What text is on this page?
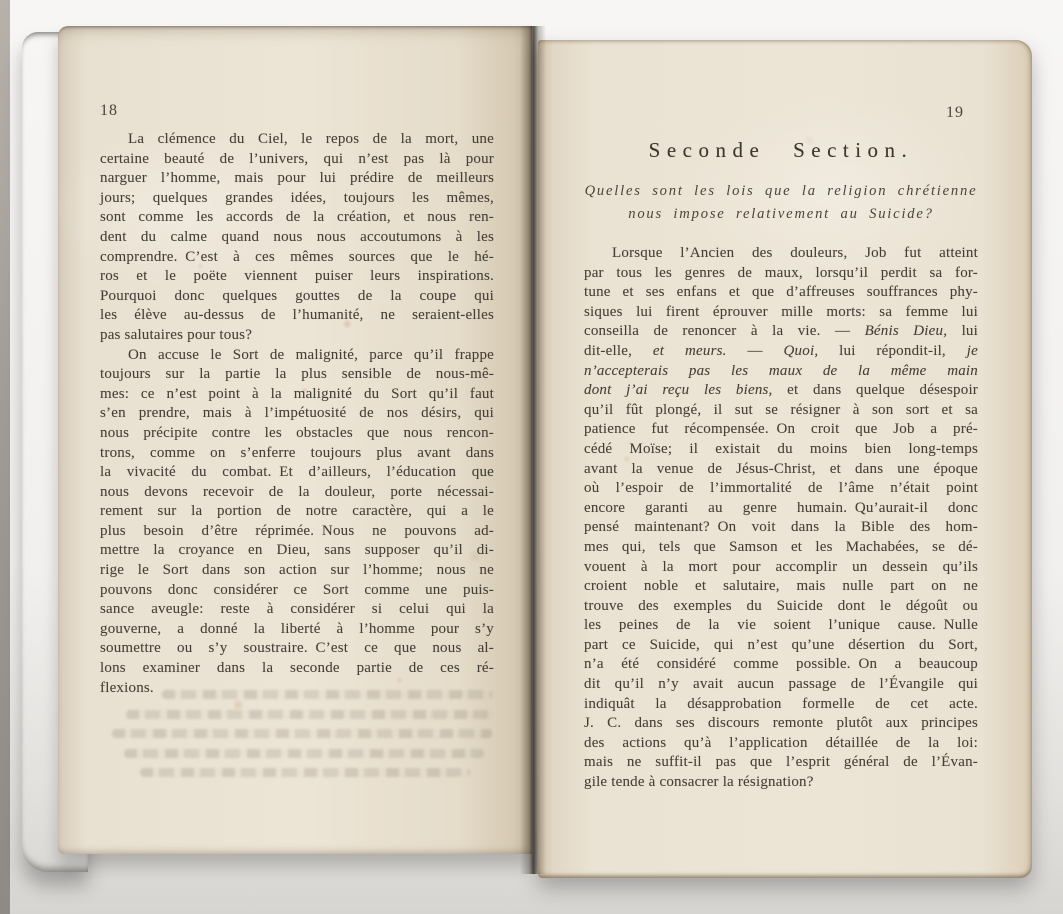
18
La clémence du Ciel, le repos de la mort, une
certaine beauté de l’univers, qui n’est pas là pour
narguer l’homme, mais pour lui prédire de meilleurs
jours; quelques grandes idées, toujours les mêmes,
sont comme les accords de la création, et nous ren-
dent du calme quand nous nous accoutumons à les
comprendre. C’est à ces mêmes sources que le hé-
ros et le poëte viennent puiser leurs inspirations.
Pourquoi donc quelques gouttes de la coupe qui
les élève au-dessus de l’humanité, ne seraient-elles
pas salutaires pour tous?
On accuse le Sort de malignité, parce qu’il frappe
toujours sur la partie la plus sensible de nous-mê-
mes: ce n’est point à la malignité du Sort qu’il faut
s’en prendre, mais à l’impétuosité de nos désirs, qui
nous précipite contre les obstacles que nous rencon-
trons, comme on s’enferre toujours plus avant dans
la vivacité du combat. Et d’ailleurs, l’éducation que
nous devons recevoir de la douleur, porte nécessai-
rement sur la portion de notre caractère, qui a le
plus besoin d’être réprimée. Nous ne pouvons ad-
mettre la croyance en Dieu, sans supposer qu’il di-
rige le Sort dans son action sur l’homme; nous ne
pouvons donc considérer ce Sort comme une puis-
sance aveugle: reste à considérer si celui qui la
gouverne, a donné la liberté à l’homme pour s’y
soumettre ou s’y soustraire. C’est ce que nous al-
lons examiner dans la seconde partie de ces ré-
flexions.
19
Seconde Section.
Quelles sont les lois que la religion chrétienne
nous impose relativement au Suicide?
Lorsque l’Ancien des douleurs, Job fut atteint
par tous les genres de maux, lorsqu’il perdit sa for-
tune et ses enfans et que d’affreuses souffrances phy-
siques lui firent éprouver mille morts: sa femme lui
conseilla de renoncer à la vie. — Bénis Dieu, lui
dit-elle, et meurs. — Quoi, lui répondit-il, je
n’accepterais pas les maux de la même main
dont j’ai reçu les biens, et dans quelque désespoir
qu’il fût plongé, il sut se résigner à son sort et sa
patience fut récompensée. On croit que Job a pré-
cédé Moïse; il existait du moins bien long-temps
avant la venue de Jésus-Christ, et dans une époque
où l’espoir de l’immortalité de l’âme n’était point
encore garanti au genre humain. Qu’aurait-il donc
pensé maintenant? On voit dans la Bible des hom-
mes qui, tels que Samson et les Machabées, se dé-
vouent à la mort pour accomplir un dessein qu’ils
croient noble et salutaire, mais nulle part on ne
trouve des exemples du Suicide dont le dégoût ou
les peines de la vie soient l’unique cause. Nulle
part ce Suicide, qui n’est qu’une désertion du Sort,
n’a été considéré comme possible. On a beaucoup
dit qu’il n’y avait aucun passage de l’Évangile qui
indiquât la désapprobation formelle de cet acte.
J. C. dans ses discours remonte plutôt aux principes
des actions qu’à l’application détaillée de la loi:
mais ne suffit-il pas que l’esprit général de l’Évan-
gile tende à consacrer la résignation?
